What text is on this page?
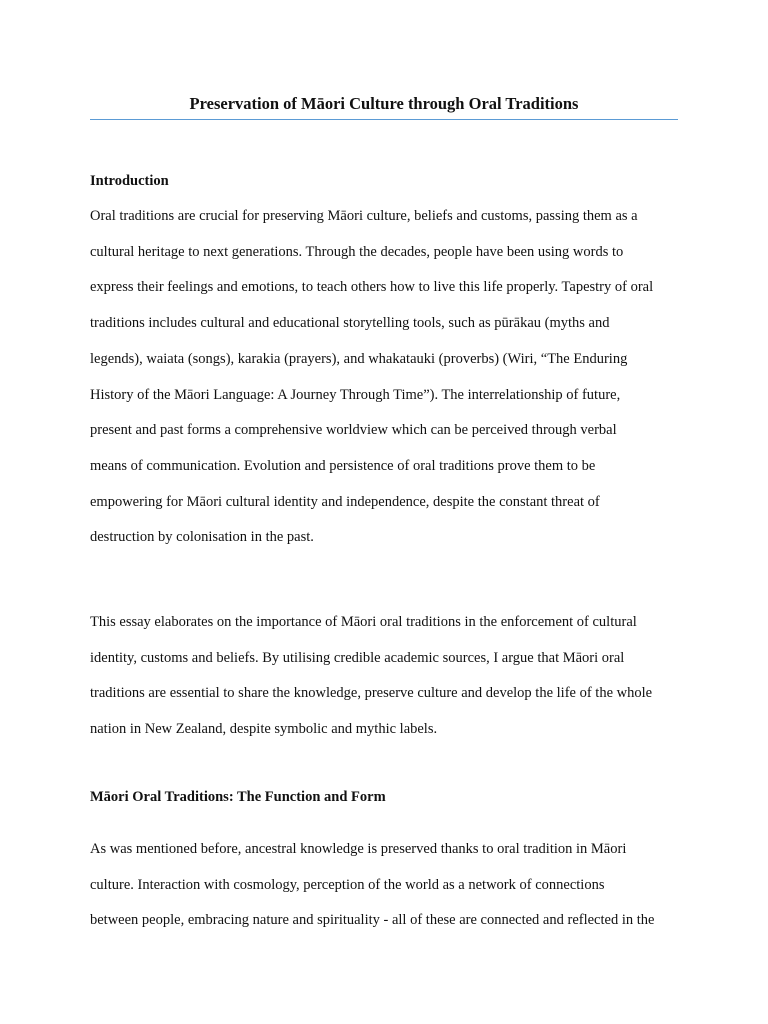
Preservation of Māori Culture through Oral Traditions
Introduction

Oral traditions are crucial for preserving Māori culture, beliefs and customs, passing them as a
cultural heritage to next generations. Through the decades, people have been using words to
express their feelings and emotions, to teach others how to live this life properly. Tapestry of oral
traditions includes cultural and educational storytelling tools, such as pūrākau (myths and
legends), waiata (songs), karakia (prayers), and whakatauki (proverbs) (Wiri, “The Enduring
History of the Māori Language: A Journey Through Time”). The interrelationship of future,
present and past forms a comprehensive worldview which can be perceived through verbal
means of communication. Evolution and persistence of oral traditions prove them to be
empowering for Māori cultural identity and independence, despite the constant threat of
destruction by colonisation in the past.

This essay elaborates on the importance of Māori oral traditions in the enforcement of cultural
identity, customs and beliefs. By utilising credible academic sources, I argue that Māori oral
traditions are essential to share the knowledge, preserve culture and develop the life of the whole
nation in New Zealand, despite symbolic and mythic labels.

Māori Oral Traditions: The Function and Form

As was mentioned before, ancestral knowledge is preserved thanks to oral tradition in Māori
culture. Interaction with cosmology, perception of the world as a network of connections
between people, embracing nature and spirituality - all of these are connected and reflected in the
